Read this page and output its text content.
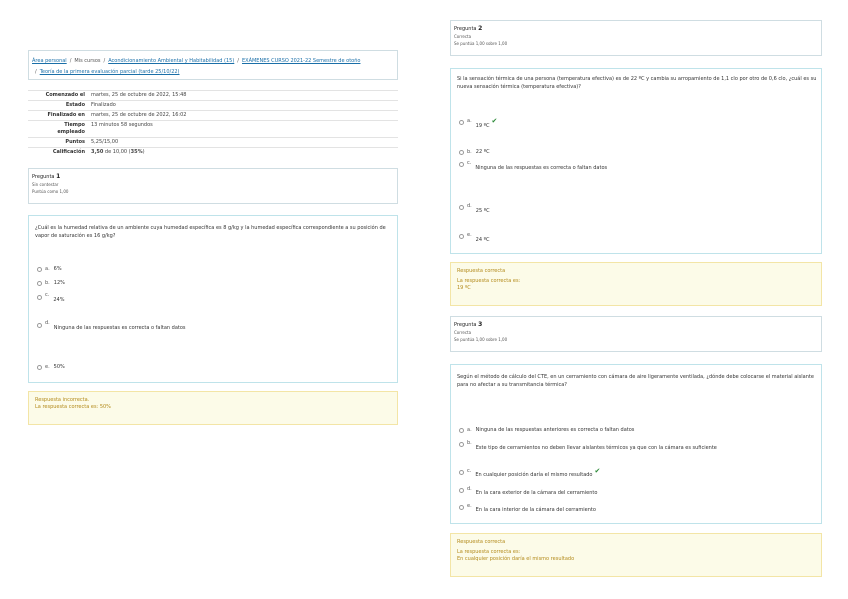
Área personal / Mis cursos / Acondicionamiento Ambiental y Habitabilidad (15) / EXÁMENES CURSO 2021-22 Semestre de otoño
/ Teoría de la primera evaluación parcial (tarde 25/10/22)
Comenzado el	martes, 25 de octubre de 2022, 15:48
Estado	Finalizado
Finalizado en	martes, 25 de octubre de 2022, 16:02
Tiempo empleado	13 minutos 58 segundos
Puntos	5,25/15,00
Calificación	3,50 de 10,00 (35%)
Pregunta 1
Sin contestar
Puntúa como 1,00
¿Cuál es la humedad relativa de un ambiente cuya humedad específica es 8 g/kg y la humedad específica correspondiente a su posición de vapor de saturación es 16 g/kg?
a. 6%
b. 12%
c.
24%
d.
Ninguna de las respuestas es correcta o faltan datos
e. 50%
Respuesta incorrecta.
La respuesta correcta es: 50%
Pregunta 2
Correcta
Se puntúa 1,00 sobre 1,00
Si la sensación térmica de una persona (temperatura efectiva) es de 22 ºC y cambia su arropamiento de 1,1 clo por otro de 0,6 clo, ¿cuál es su nueva sensación térmica (temperatura efectiva)?
a.
19 ºC
✔
b. 22 ºC
c.
Ninguna de las respuestas es correcta o faltan datos
d.
25 ºC
e.
24 ºC
Respuesta correcta
La respuesta correcta es:
19 ºC
Pregunta 3
Correcta
Se puntúa 1,00 sobre 1,00
Según el método de cálculo del CTE, en un cerramiento con cámara de aire ligeramente ventilada, ¿dónde debe colocarse el material aislante para no afectar a su transmitancia térmica?
a. Ninguna de las respuestas anteriores es correcta o faltan datos
b.
Este tipo de cerramientos no deben llevar aislantes térmicos ya que con la cámara es suficiente
c.
En cualquier posición daría el mismo resultado ✔
d.
En la cara exterior de la cámara del cerramiento
e.
En la cara interior de la cámara del cerramiento
Respuesta correcta
La respuesta correcta es:
En cualquier posición daría el mismo resultado
